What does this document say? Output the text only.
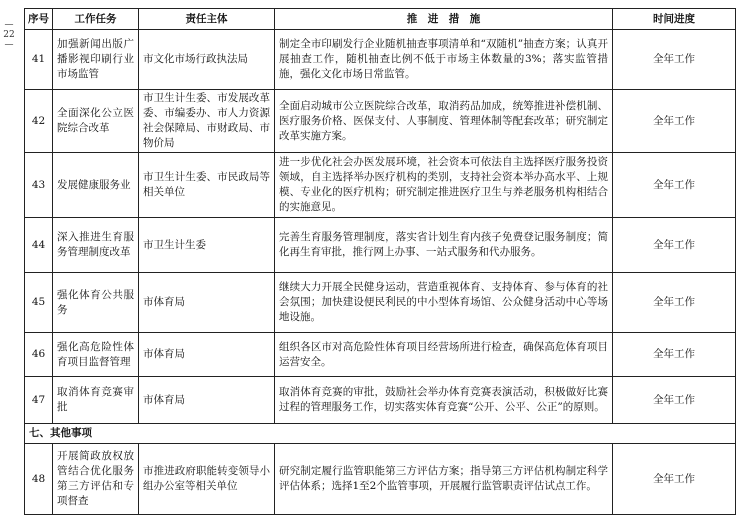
— 22 —
序号	工作任务	责任主体	推　进　措　施	时间进度
41	加强新闻出版广播影视印刷行业市场监管	市文化市场行政执法局	制定全市印刷发行企业随机抽查事项清单和“双随机”抽查方案；认真开展抽查工作，随机抽查比例不低于市场主体数量的3%；落实监管措施，强化文化市场日常监管。	全年工作
42	全面深化公立医院综合改革	市卫生计生委、市发展改革委、市编委办、市人力资源社会保障局、市财政局、市物价局	全面启动城市公立医院综合改革，取消药品加成，统筹推进补偿机制、医疗服务价格、医保支付、人事制度、管理体制等配套改革；研究制定改革实施方案。	全年工作
43	发展健康服务业	市卫生计生委、市民政局等相关单位	进一步优化社会办医发展环境，社会资本可依法自主选择医疗服务投资领域，自主选择举办医疗机构的类别，支持社会资本举办高水平、上规模、专业化的医疗机构；研究制定推进医疗卫生与养老服务机构相结合的实施意见。	全年工作
44	深入推进生育服务管理制度改革	市卫生计生委	完善生育服务管理制度，落实省计划生育内孩子免费登记服务制度；简化再生育审批，推行网上办事、一站式服务和代办服务。	全年工作
45	强化体育公共服务	市体育局	继续大力开展全民健身运动，营造重视体育、支持体育、参与体育的社会氛围；加快建设便民利民的中小型体育场馆、公众健身活动中心等场地设施。	全年工作
46	强化高危险性体育项目监督管理	市体育局	组织各区市对高危险性体育项目经营场所进行检查，确保高危体育项目运营安全。	全年工作
47	取消体育竞赛审批	市体育局	取消体育竞赛的审批，鼓励社会举办体育竞赛表演活动，积极做好比赛过程的管理服务工作，切实落实体育竞赛“公开、公平、公正”的原则。	全年工作
七、其他事项				
48	开展简政放权放管结合优化服务第三方评估和专项督查	市推进政府职能转变领导小组办公室等相关单位	研究制定履行监管职能第三方评估方案；指导第三方评估机构制定科学评估体系；选择1至2个监管事项，开展履行监管职责评估试点工作。	全年工作
